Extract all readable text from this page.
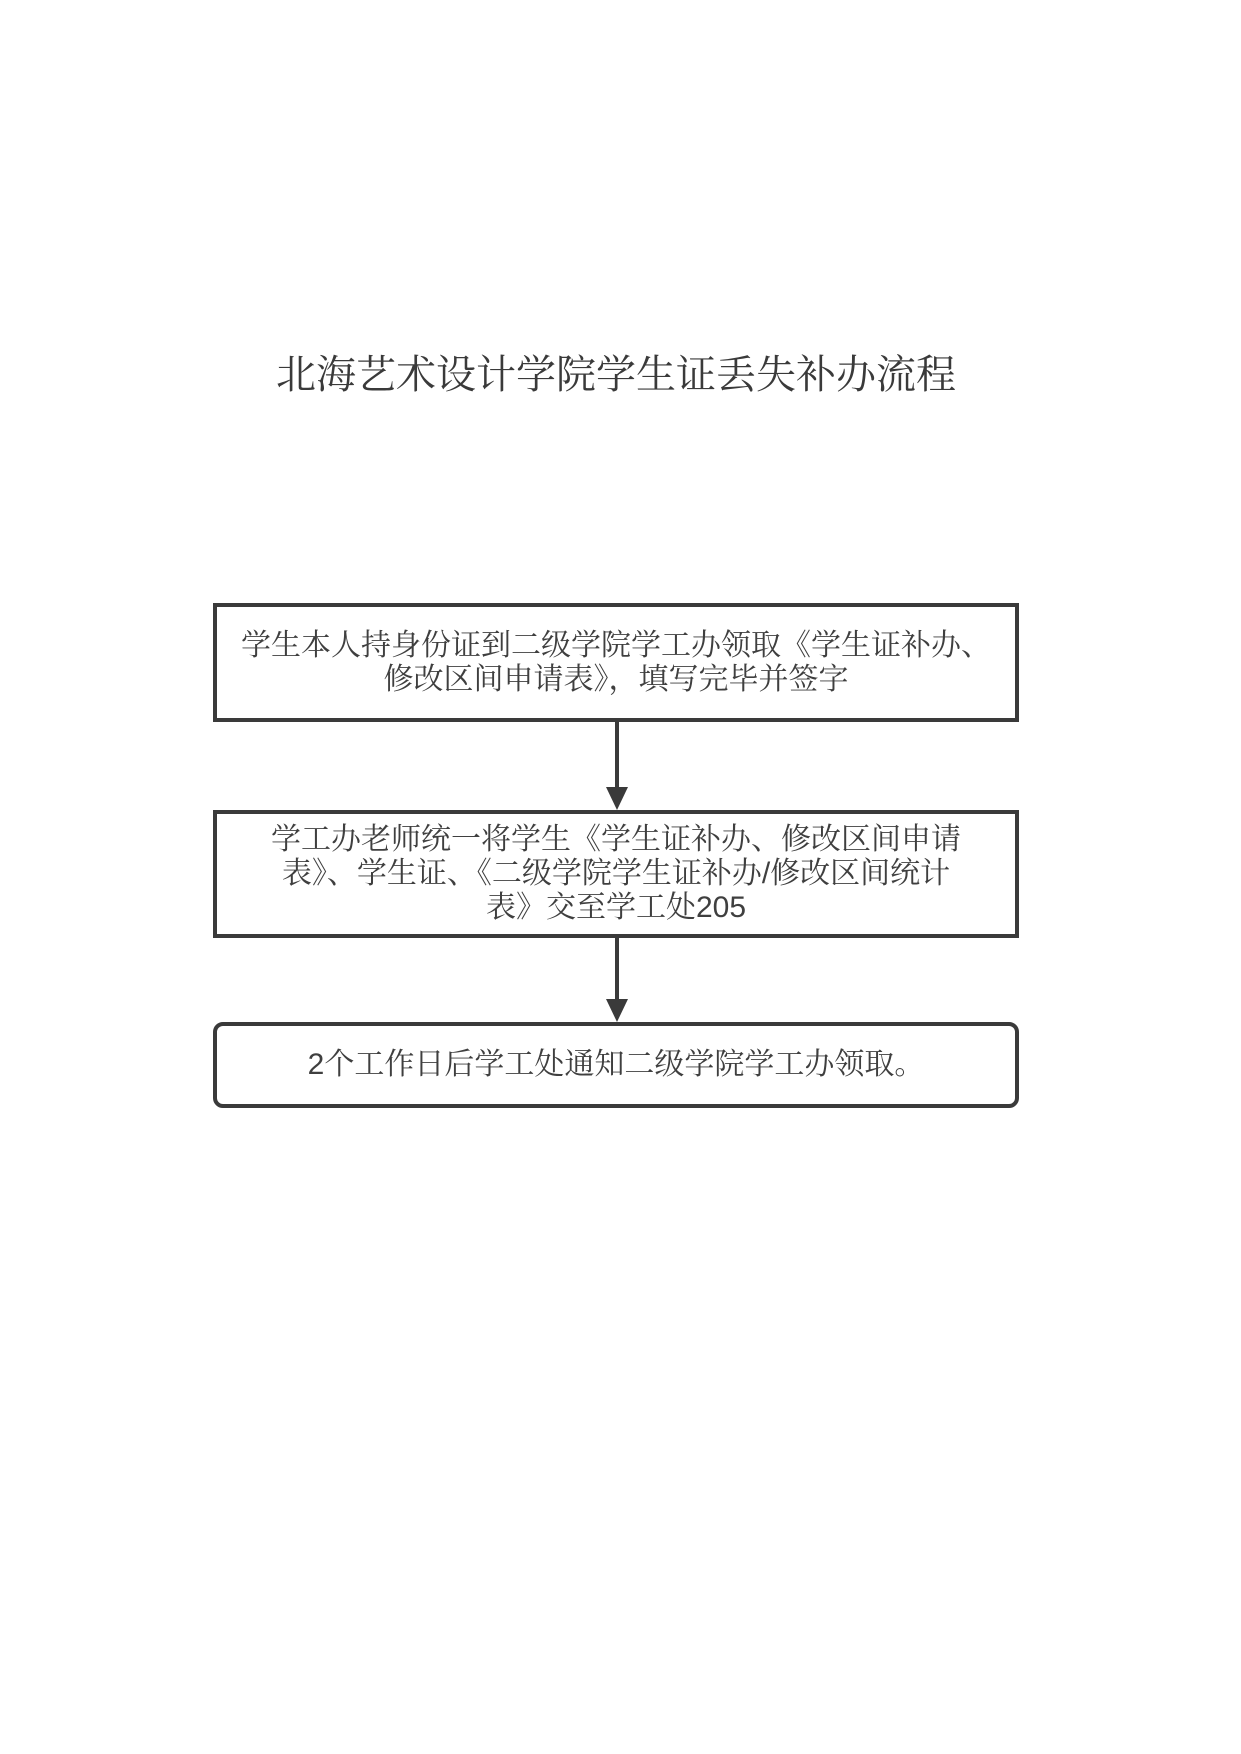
北海艺术设计学院学生证丢失补办流程
学生本人持身份证到二级学院学工办领取《学生证补办、
修改区间申请表》，填写完毕并签字
学工办老师统一将学生《学生证补办、修改区间申请
表》、学生证、《二级学院学生证补办/修改区间统计
表》交至学工处205
2个工作日后学工处通知二级学院学工办领取。
